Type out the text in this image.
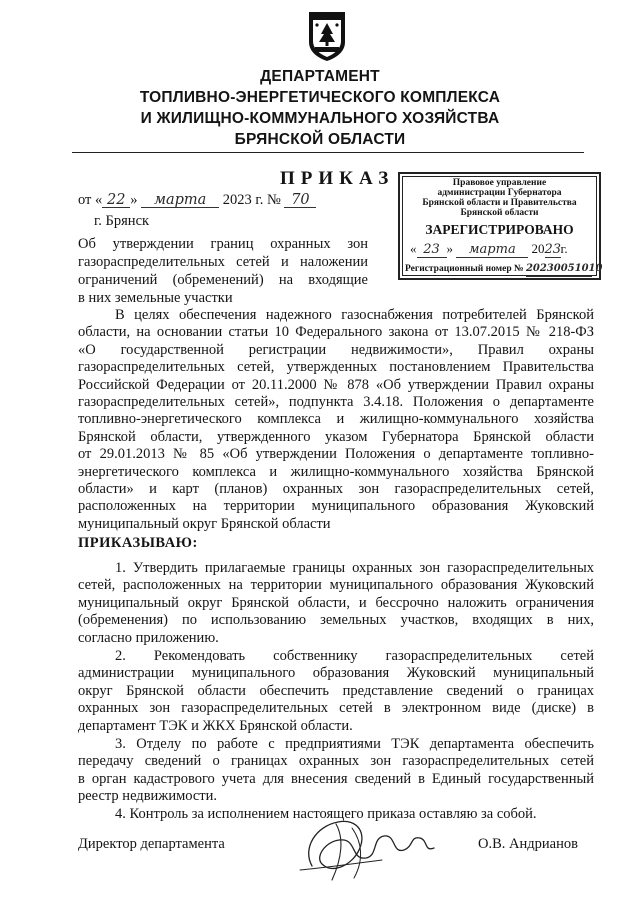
ДЕПАРТАМЕНТ
ТОПЛИВНО-ЭНЕРГЕТИЧЕСКОГО КОМПЛЕКСА
И ЖИЛИЩНО-КОММУНАЛЬНОГО ХОЗЯЙСТВА
БРЯНСКОЙ ОБЛАСТИ
ПРИКАЗ
от « 22 » марта 2023 г. № 70
г. Брянск
Об утверждении границ охранных зон
газораспределительных сетей и наложении
ограничений (обременений) на входящие
в них земельные участки
Правовое управление
администрации Губернатора
Брянской области и Правительства
Брянской области
ЗАРЕГИСТРИРОВАНО
« 23 » марта 2023г.
Регистрационный номер № 20230051010
В целях обеспечения надежного газоснабжения потребителей Брянской
области, на основании статьи 10 Федерального закона от 13.07.2015 № 218-ФЗ
«О государственной регистрации недвижимости», Правил охраны
газораспределительных сетей, утвержденных постановлением Правительства
Российской Федерации от 20.11.2000 № 878 «Об утверждении Правил охраны
газораспределительных сетей», подпункта 3.4.18. Положения о департаменте
топливно-энергетического комплекса и жилищно-коммунального хозяйства
Брянской области, утвержденного указом Губернатора Брянской области
от 29.01.2013 № 85 «Об утверждении Положения о департаменте топливно-
энергетического комплекса и жилищно-коммунального хозяйства Брянской
области» и карт (планов) охранных зон газораспределительных сетей,
расположенных на территории муниципального образования Жуковский
муниципальный округ Брянской области
ПРИКАЗЫВАЮ:
1. Утвердить прилагаемые границы охранных зон газораспределительных
сетей, расположенных на территории муниципального образования Жуковский
муниципальный округ Брянской области, и бессрочно наложить ограничения
(обременения) по использованию земельных участков, входящих в них,
согласно приложению.
2. Рекомендовать собственнику газораспределительных сетей
администрации муниципального образования Жуковский муниципальный
округ Брянской области обеспечить представление сведений о границах
охранных зон газораспределительных сетей в электронном виде (диске) в
департамент ТЭК и ЖКХ Брянской области.
3. Отделу по работе с предприятиями ТЭК департамента обеспечить
передачу сведений о границах охранных зон газораспределительных сетей
в орган кадастрового учета для внесения сведений в Единый государственный
реестр недвижимости.
4. Контроль за исполнением настоящего приказа оставляю за собой.
Директор департамента	О.В. Андрианов
